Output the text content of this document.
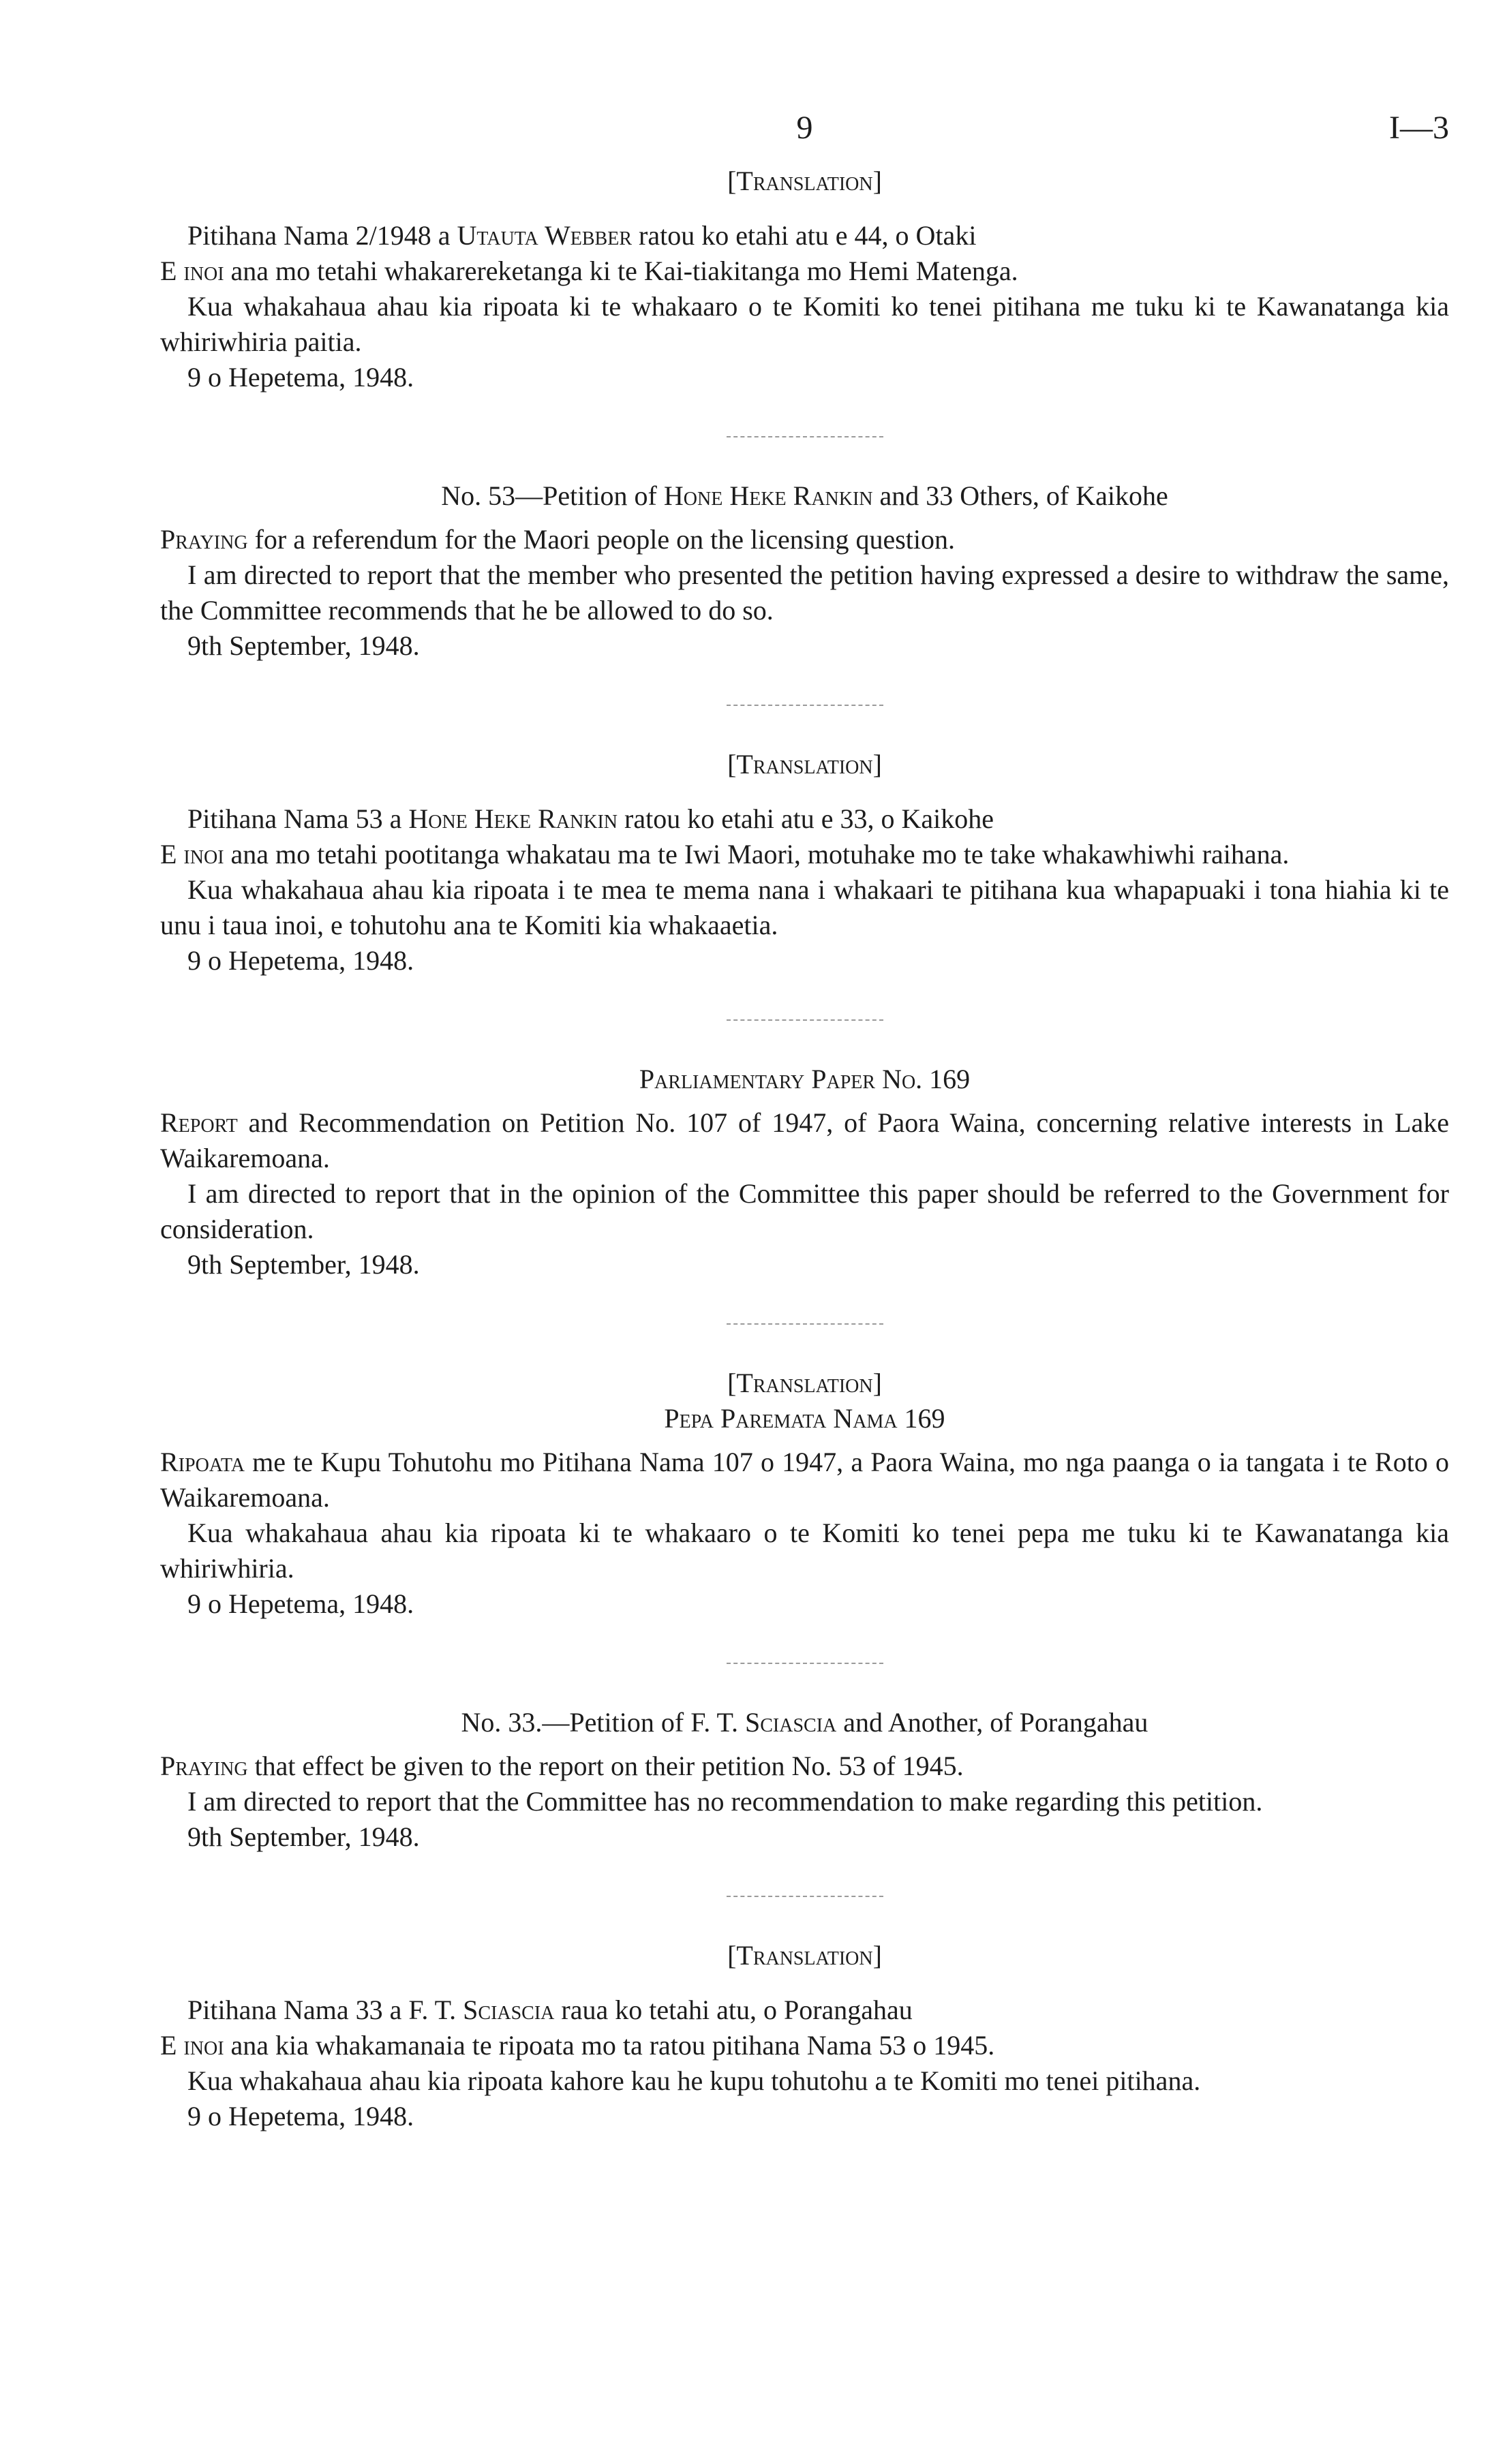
9	I—3

[Translation]

Pitihana Nama 2/1948 a Utauta Webber ratou ko etahi atu e 44, o Otaki

E inoi ana mo tetahi whakarereketanga ki te Kai-tiakitanga mo Hemi Matenga.

Kua whakahaua ahau kia ripoata ki te whakaaro o te Komiti ko tenei pitihana me tuku ki te Kawanatanga kia whiriwhiria paitia.

9 o Hepetema, 1948.

No. 53—Petition of Hone Heke Rankin and 33 Others, of Kaikohe

Praying for a referendum for the Maori people on the licensing question.

I am directed to report that the member who presented the petition having expressed a desire to withdraw the same, the Committee recommends that he be allowed to do so.

9th September, 1948.

[Translation]

Pitihana Nama 53 a Hone Heke Rankin ratou ko etahi atu e 33, o Kaikohe

E inoi ana mo tetahi pootitanga whakatau ma te Iwi Maori, motuhake mo te take whakawhiwhi raihana.

Kua whakahaua ahau kia ripoata i te mea te mema nana i whakaari te pitihana kua whapapuaki i tona hiahia ki te unu i taua inoi, e tohutohu ana te Komiti kia whakaaetia.

9 o Hepetema, 1948.

Parliamentary Paper No. 169

Report and Recommendation on Petition No. 107 of 1947, of Paora Waina, concerning relative interests in Lake Waikaremoana.

I am directed to report that in the opinion of the Committee this paper should be referred to the Government for consideration.

9th September, 1948.

[Translation]

Pepa Paremata Nama 169

Ripoata me te Kupu Tohutohu mo Pitihana Nama 107 o 1947, a Paora Waina, mo nga paanga o ia tangata i te Roto o Waikaremoana.

Kua whakahaua ahau kia ripoata ki te whakaaro o te Komiti ko tenei pepa me tuku ki te Kawanatanga kia whiriwhiria.

9 o Hepetema, 1948.

No. 33.—Petition of F. T. Sciascia and Another, of Porangahau

Praying that effect be given to the report on their petition No. 53 of 1945.

I am directed to report that the Committee has no recommendation to make regarding this petition.

9th September, 1948.

[Translation]

Pitihana Nama 33 a F. T. Sciascia raua ko tetahi atu, o Porangahau

E inoi ana kia whakamanaia te ripoata mo ta ratou pitihana Nama 53 o 1945.

Kua whakahaua ahau kia ripoata kahore kau he kupu tohutohu a te Komiti mo tenei pitihana.

9 o Hepetema, 1948.
